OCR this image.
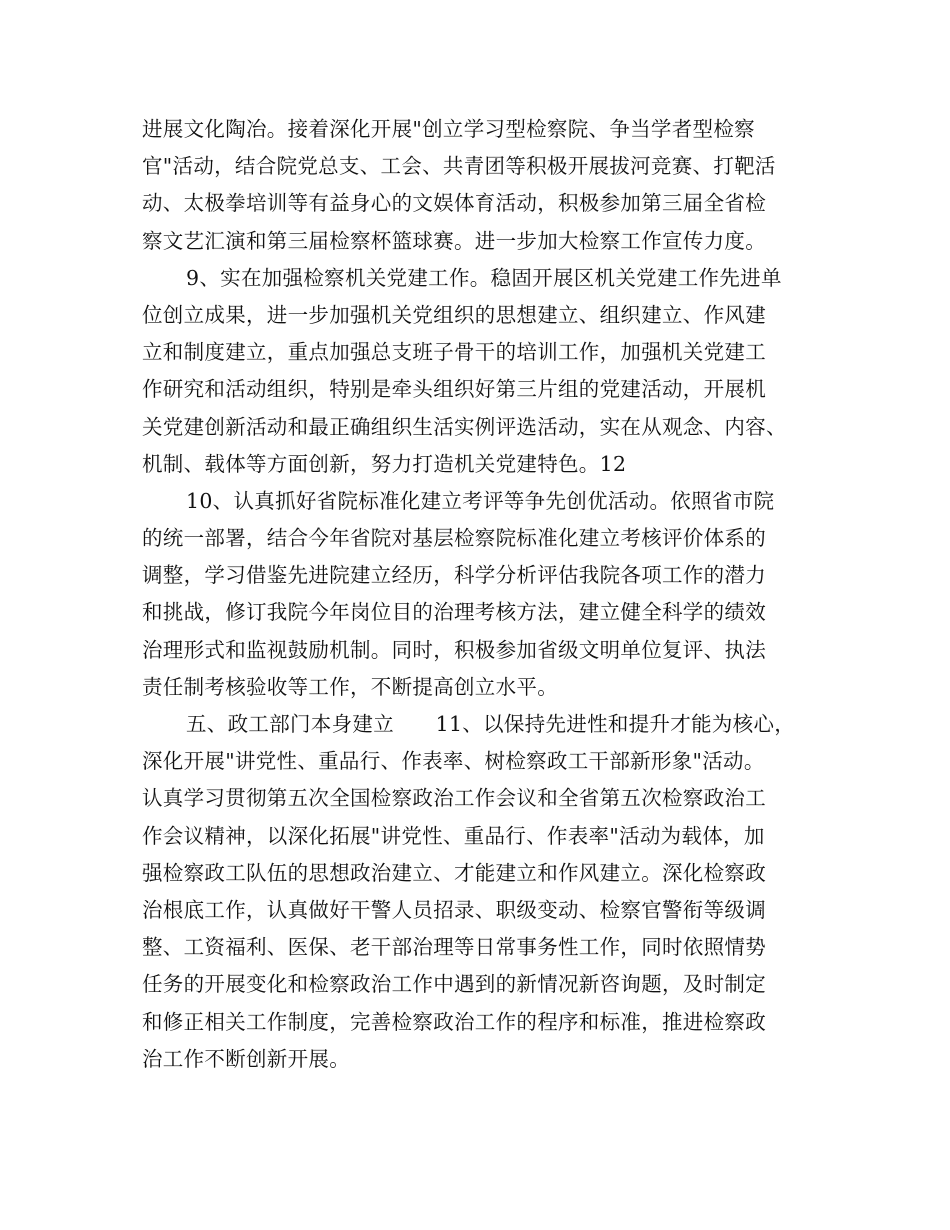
进展文化陶冶。接着深化开展"创立学习型检察院、争当学者型检察
官"活动，结合院党总支、工会、共青团等积极开展拔河竞赛、打靶活
动、太极拳培训等有益身心的文娱体育活动，积极参加第三届全省检
察文艺汇演和第三届检察杯篮球赛。进一步加大检察工作宣传力度。
9、实在加强检察机关党建工作。稳固开展区机关党建工作先进单
位创立成果，进一步加强机关党组织的思想建立、组织建立、作风建
立和制度建立，重点加强总支班子骨干的培训工作，加强机关党建工
作研究和活动组织，特别是牵头组织好第三片组的党建活动，开展机
关党建创新活动和最正确组织生活实例评选活动，实在从观念、内容、
机制、载体等方面创新，努力打造机关党建特色。12
10、认真抓好省院标准化建立考评等争先创优活动。依照省市院
的统一部署，结合今年省院对基层检察院标准化建立考核评价体系的
调整，学习借鉴先进院建立经历，科学分析评估我院各项工作的潜力
和挑战，修订我院今年岗位目的治理考核方法，建立健全科学的绩效
治理形式和监视鼓励机制。同时，积极参加省级文明单位复评、执法
责任制考核验收等工作，不断提高创立水平。
五、政工部门本身建立　　11、以保持先进性和提升才能为核心，
深化开展"讲党性、重品行、作表率、树检察政工干部新形象"活动。
认真学习贯彻第五次全国检察政治工作会议和全省第五次检察政治工
作会议精神，以深化拓展"讲党性、重品行、作表率"活动为载体，加
强检察政工队伍的思想政治建立、才能建立和作风建立。深化检察政
治根底工作，认真做好干警人员招录、职级变动、检察官警衔等级调
整、工资福利、医保、老干部治理等日常事务性工作，同时依照情势
任务的开展变化和检察政治工作中遇到的新情况新咨询题，及时制定
和修正相关工作制度，完善检察政治工作的程序和标准，推进检察政
治工作不断创新开展。
